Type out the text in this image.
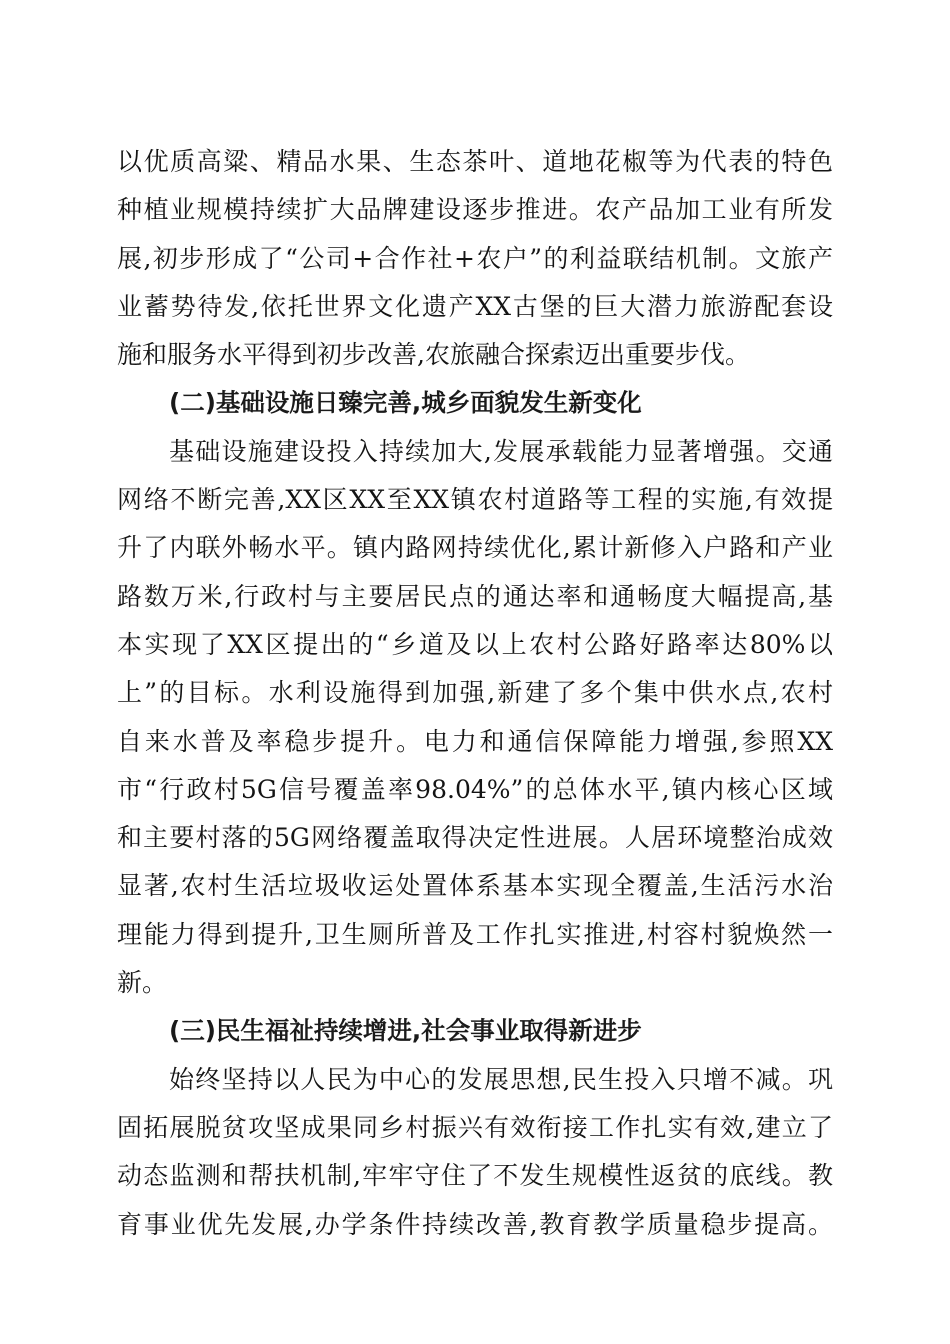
以优质高粱、精品水果、生态茶叶、道地花椒等为代表的特色
种植业规模持续扩大品牌建设逐步推进。农产品加工业有所发
展,初步形成了“公司+合作社+农户”的利益联结机制。文旅产
业蓄势待发,依托世界文化遗产XX古堡的巨大潜力旅游配套设
施和服务水平得到初步改善,农旅融合探索迈出重要步伐。
(二)基础设施日臻完善,城乡面貌发生新变化
基础设施建设投入持续加大,发展承载能力显著增强。交通
网络不断完善,XX区XX至XX镇农村道路等工程的实施,有效提
升了内联外畅水平。镇内路网持续优化,累计新修入户路和产业
路数万米,行政村与主要居民点的通达率和通畅度大幅提高,基
本实现了XX区提出的“乡道及以上农村公路好路率达80%以
上”的目标。水利设施得到加强,新建了多个集中供水点,农村
自来水普及率稳步提升。电力和通信保障能力增强,参照XX
市“行政村5G信号覆盖率98.04%”的总体水平,镇内核心区域
和主要村落的5G网络覆盖取得决定性进展。人居环境整治成效
显著,农村生活垃圾收运处置体系基本实现全覆盖,生活污水治
理能力得到提升,卫生厕所普及工作扎实推进,村容村貌焕然一
新。
(三)民生福祉持续增进,社会事业取得新进步
始终坚持以人民为中心的发展思想,民生投入只增不减。巩
固拓展脱贫攻坚成果同乡村振兴有效衔接工作扎实有效,建立了
动态监测和帮扶机制,牢牢守住了不发生规模性返贫的底线。教
育事业优先发展,办学条件持续改善,教育教学质量稳步提高。
